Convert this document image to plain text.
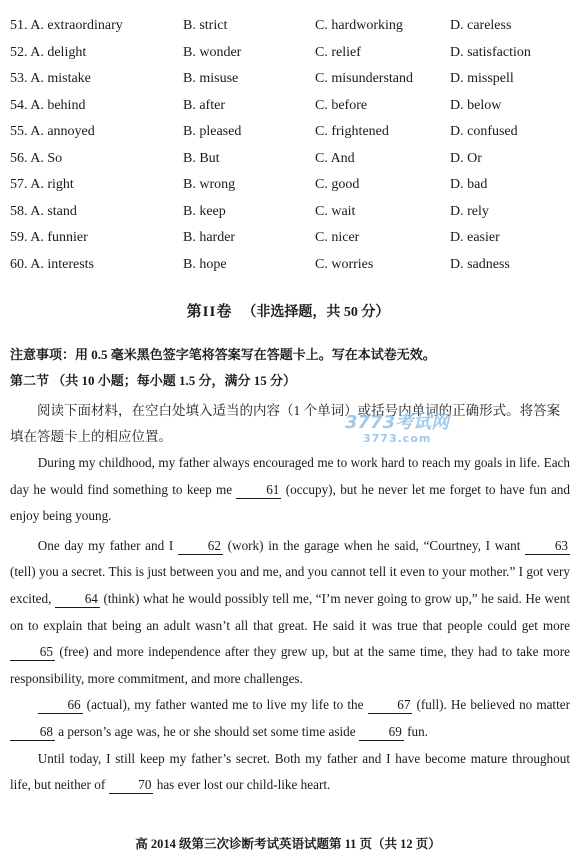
51. A. extraordinary	B. strict	C. hardworking	D. careless
52. A. delight	B. wonder	C. relief	D. satisfaction
53. A. mistake	B. misuse	C. misunderstand	D. misspell
54. A. behind	B. after	C. before	D. below
55. A. annoyed	B. pleased	C. frightened	D. confused
56. A. So	B. But	C. And	D. Or
57. A. right	B. wrong	C. good	D. bad
58. A. stand	B. keep	C. wait	D. rely
59. A. funnier	B. harder	C. nicer	D. easier
60. A. interests	B. hope	C. worries	D. sadness
第II卷 （非选择题，共 50 分）
注意事项：用 0.5 毫米黑色签字笔将答案写在答题卡上。写在本试卷无效。
第二节 （共 10 小题；每小题 1.5 分，满分 15 分）
阅读下面材料，在空白处填入适当的内容（1 个单词）或括号内单词的正确形式。将答案填在答题卡上的相应位置。
3773考试网
3773.com

During my childhood, my father always encouraged me to work hard to reach my goals in life. Each day he would find something to keep me 61 (occupy), but he never let me forget to have fun and enjoy being young.

One day my father and I 62 (work) in the garage when he said, “Courtney, I want 63 (tell) you a secret. This is just between you and me, and you cannot tell it even to your mother.” I got very excited, 64 (think) what he would possibly tell me, “I’m never going to grow up,” he said. He went on to explain that being an adult wasn’t all that great. He said it was true that people could get more 65 (free) and more independence after they grew up, but at the same time, they had to take more responsibility, more commitment, and more challenges.

66 (actual), my father wanted me to live my life to the 67 (full). He believed no matter 68 a person’s age was, he or she should set some time aside 69 fun.

Until today, I still keep my father’s secret. Both my father and I have become mature throughout life, but neither of 70 has ever lost our child-like heart.

高 2014 级第三次诊断考试英语试题第 11 页（共 12 页）
